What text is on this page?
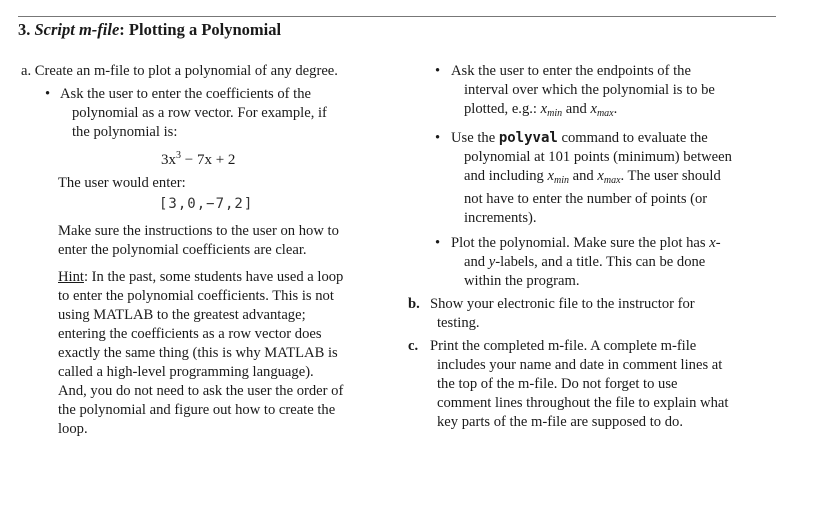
3. Script m-file: Plotting a Polynomial
a. Create an m-file to plot a polynomial of any degree.
• Ask the user to enter the coefficients of the
polynomial as a row vector. For example, if
the polynomial is:
$3x^3 - 7x + 2$
The user would enter:
[3,0,−7,2]
Make sure the instructions to the user on how to
enter the polynomial coefficients are clear.
Hint: In the past, some students have used a loop
to enter the polynomial coefficients. This is not
using MATLAB to the greatest advantage;
entering the coefficients as a row vector does
exactly the same thing (this is why MATLAB is
called a high-level programming language).
And, you do not need to ask the user the order of
the polynomial and figure out how to create the
loop.
• Ask the user to enter the endpoints of the
interval over which the polynomial is to be
plotted, e.g.: $x_{min}$ and $x_{max}$.
• Use the polyval command to evaluate the
polynomial at 101 points (minimum) between
and including $x_{min}$ and $x_{max}$. The user should
not have to enter the number of points (or
increments).
• Plot the polynomial. Make sure the plot has x-
and y-labels, and a title. This can be done
within the program.
b. Show your electronic file to the instructor for
testing.
c. Print the completed m-file. A complete m-file
includes your name and date in comment lines at
the top of the m-file. Do not forget to use
comment lines throughout the file to explain what
key parts of the m-file are supposed to do.
